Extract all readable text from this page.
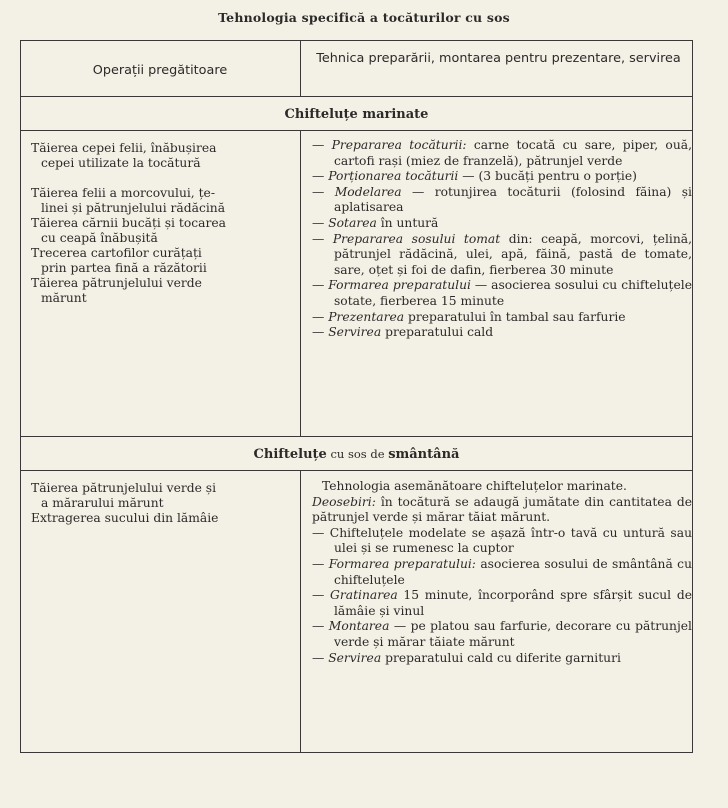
Tehnologia specifică a tocăturilor cu sos
Operații pregătitoare
Tehnica preparării, montarea pentru prezentare, servirea
Chifteluțe marinate

Tăierea cepei felii, înăbușirea
cepei utilizate la tocătură

Tăierea felii a morcovului, țe-
linei și pătrunjelului rădăcină

Tăierea cărnii bucăți și tocarea
cu ceapă înăbușită

Trecerea cartofilor curățați
prin partea fină a răzătorii

Tăierea pătrunjelului verde
mărunt

— Prepararea tocăturii: carne tocată cu sare, piper, ouă, cartofi rași (miez de franzelă), pătrunjel verde
— Porționarea tocăturii — (3 bucăți pentru o porție)
— Modelarea — rotunjirea tocăturii (folosind făina) și aplatisarea
— Sotarea în untură
— Prepararea sosului tomat din: ceapă, morcovi, țelină, pătrunjel rădăcină, ulei, apă, făină, pastă de tomate, sare, oțet și foi de dafin, fierberea 30 minute
— Formarea preparatului — asocierea sosului cu chifteluțele sotate, fierberea 15 minute
— Prezentarea preparatului în tambal sau farfurie
— Servirea preparatului cald
Chifteluțe cu sos de smântână

Tăierea pătrunjelului verde și
a mărarului mărunt

Extragerea sucului din lămâie

Tehnologia asemănătoare chifteluțelor marinate.
Deosebiri: în tocătură se adaugă jumătate din cantitatea de pătrunjel verde și mărar tăiat mărunt.
— Chifteluțele modelate se așază într-o tavă cu untură sau ulei și se rumenesc la cuptor
— Formarea preparatului: asocierea sosului de smântână cu chifteluțele
— Gratinarea 15 minute, încorporând spre sfârșit sucul de lămâie și vinul
— Montarea — pe platou sau farfurie, decorare cu pătrunjel verde și mărar tăiate mărunt
— Servirea preparatului cald cu diferite garnituri
